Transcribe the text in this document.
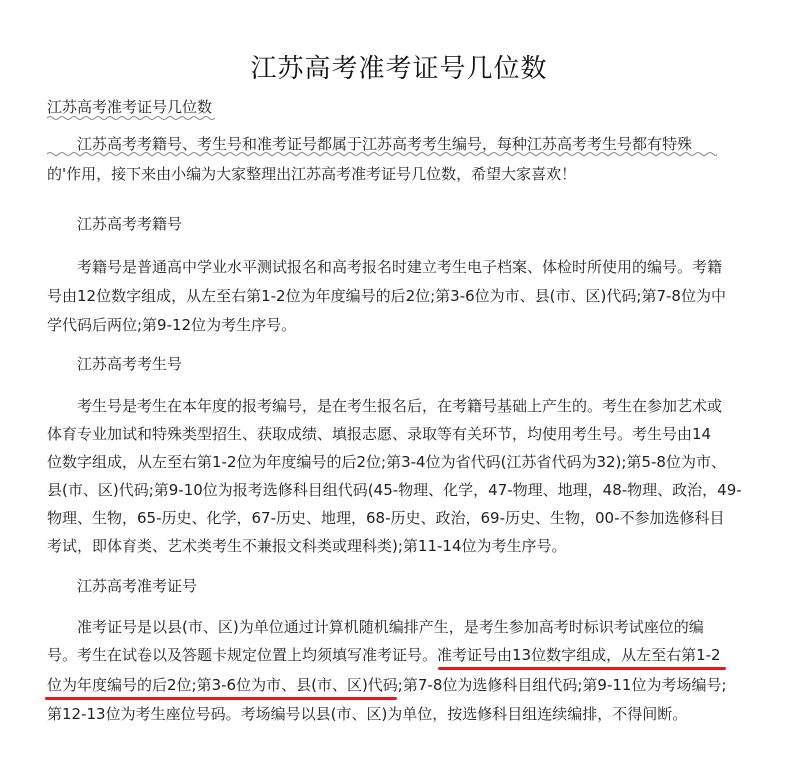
江苏高考准考证号几位数
江苏高考准考证号几位数
江苏高考考籍号、考生号和准考证号都属于江苏高考考生编号，每种江苏高考考生号都有特殊
的'作用，接下来由小编为大家整理出江苏高考准考证号几位数，希望大家喜欢！
江苏高考考籍号
考籍号是普通高中学业水平测试报名和高考报名时建立考生电子档案、体检时所使用的编号。考籍
号由12位数字组成，从左至右第1-2位为年度编号的后2位;第3-6位为市、县(市、区)代码;第7-8位为中
学代码后两位;第9-12位为考生序号。
江苏高考考生号
考生号是考生在本年度的报考编号，是在考生报名后，在考籍号基础上产生的。考生在参加艺术或
体育专业加试和特殊类型招生、获取成绩、填报志愿、录取等有关环节，均使用考生号。考生号由14
位数字组成，从左至右第1-2位为年度编号的后2位;第3-4位为省代码(江苏省代码为32);第5-8位为市、
县(市、区)代码;第9-10位为报考选修科目组代码(45-物理、化学，47-物理、地理，48-物理、政治，49-
物理、生物，65-历史、化学，67-历史、地理，68-历史、政治，69-历史、生物，00-不参加选修科目
考试，即体育类、艺术类考生不兼报文科类或理科类);第11-14位为考生序号。
江苏高考准考证号
准考证号是以县(市、区)为单位通过计算机随机编排产生，是考生参加高考时标识考试座位的编
号。考生在试卷以及答题卡规定位置上均须填写准考证号。准考证号由13位数字组成，从左至右第1-2
位为年度编号的后2位;第3-6位为市、县(市、区)代码;第7-8位为选修科目组代码;第9-11位为考场编号;
第12-13位为考生座位号码。考场编号以县(市、区)为单位，按选修科目组连续编排，不得间断。
